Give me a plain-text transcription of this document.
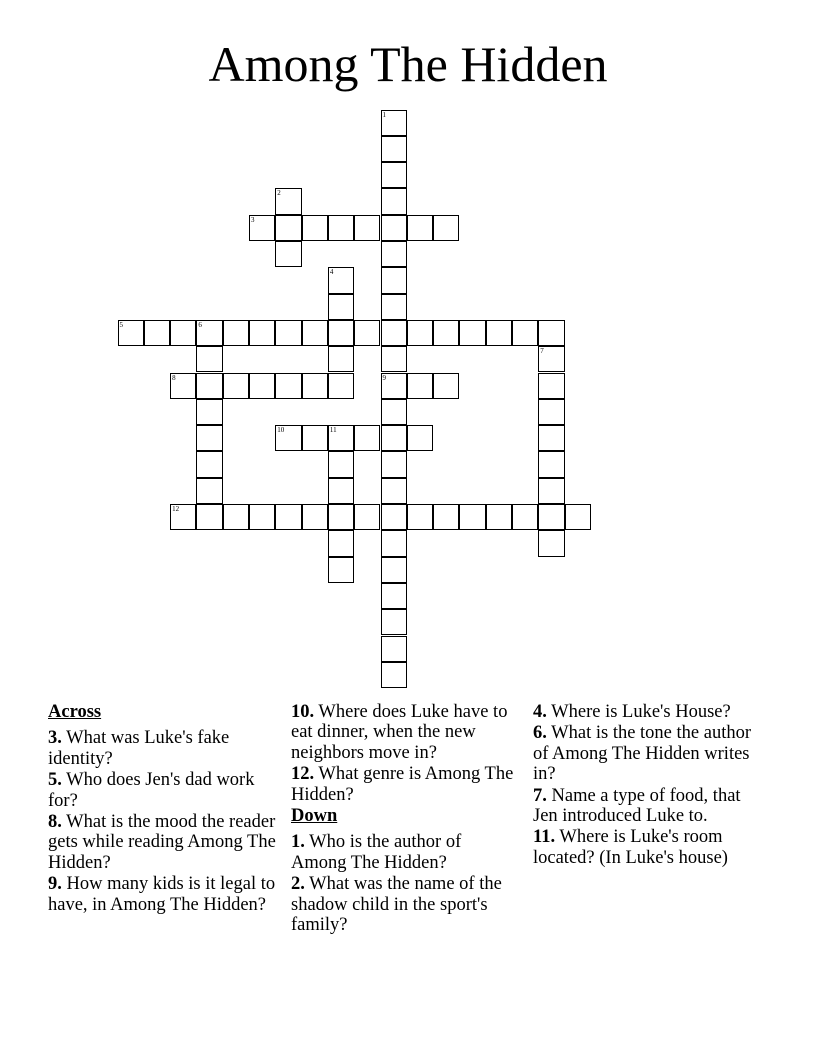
Among The Hidden
1
9
2
3
4
5	6
7
8
10	11
12
Across
3. What was Luke's fake identity?
5. Who does Jen's dad work for?
8. What is the mood the reader gets while reading Among The Hidden?
9. How many kids is it legal to have, in Among The Hidden?
10. Where does Luke have to eat dinner, when the new neighbors move in?
12. What genre is Among The Hidden?
Down
1. Who is the author of Among The Hidden?
2. What was the name of the shadow child in the sport's family?
4. Where is Luke's House?
6. What is the tone the author of Among The Hidden writes in?
7. Name a type of food, that Jen introduced Luke to.
11. Where is Luke's room located? (In Luke's house)
